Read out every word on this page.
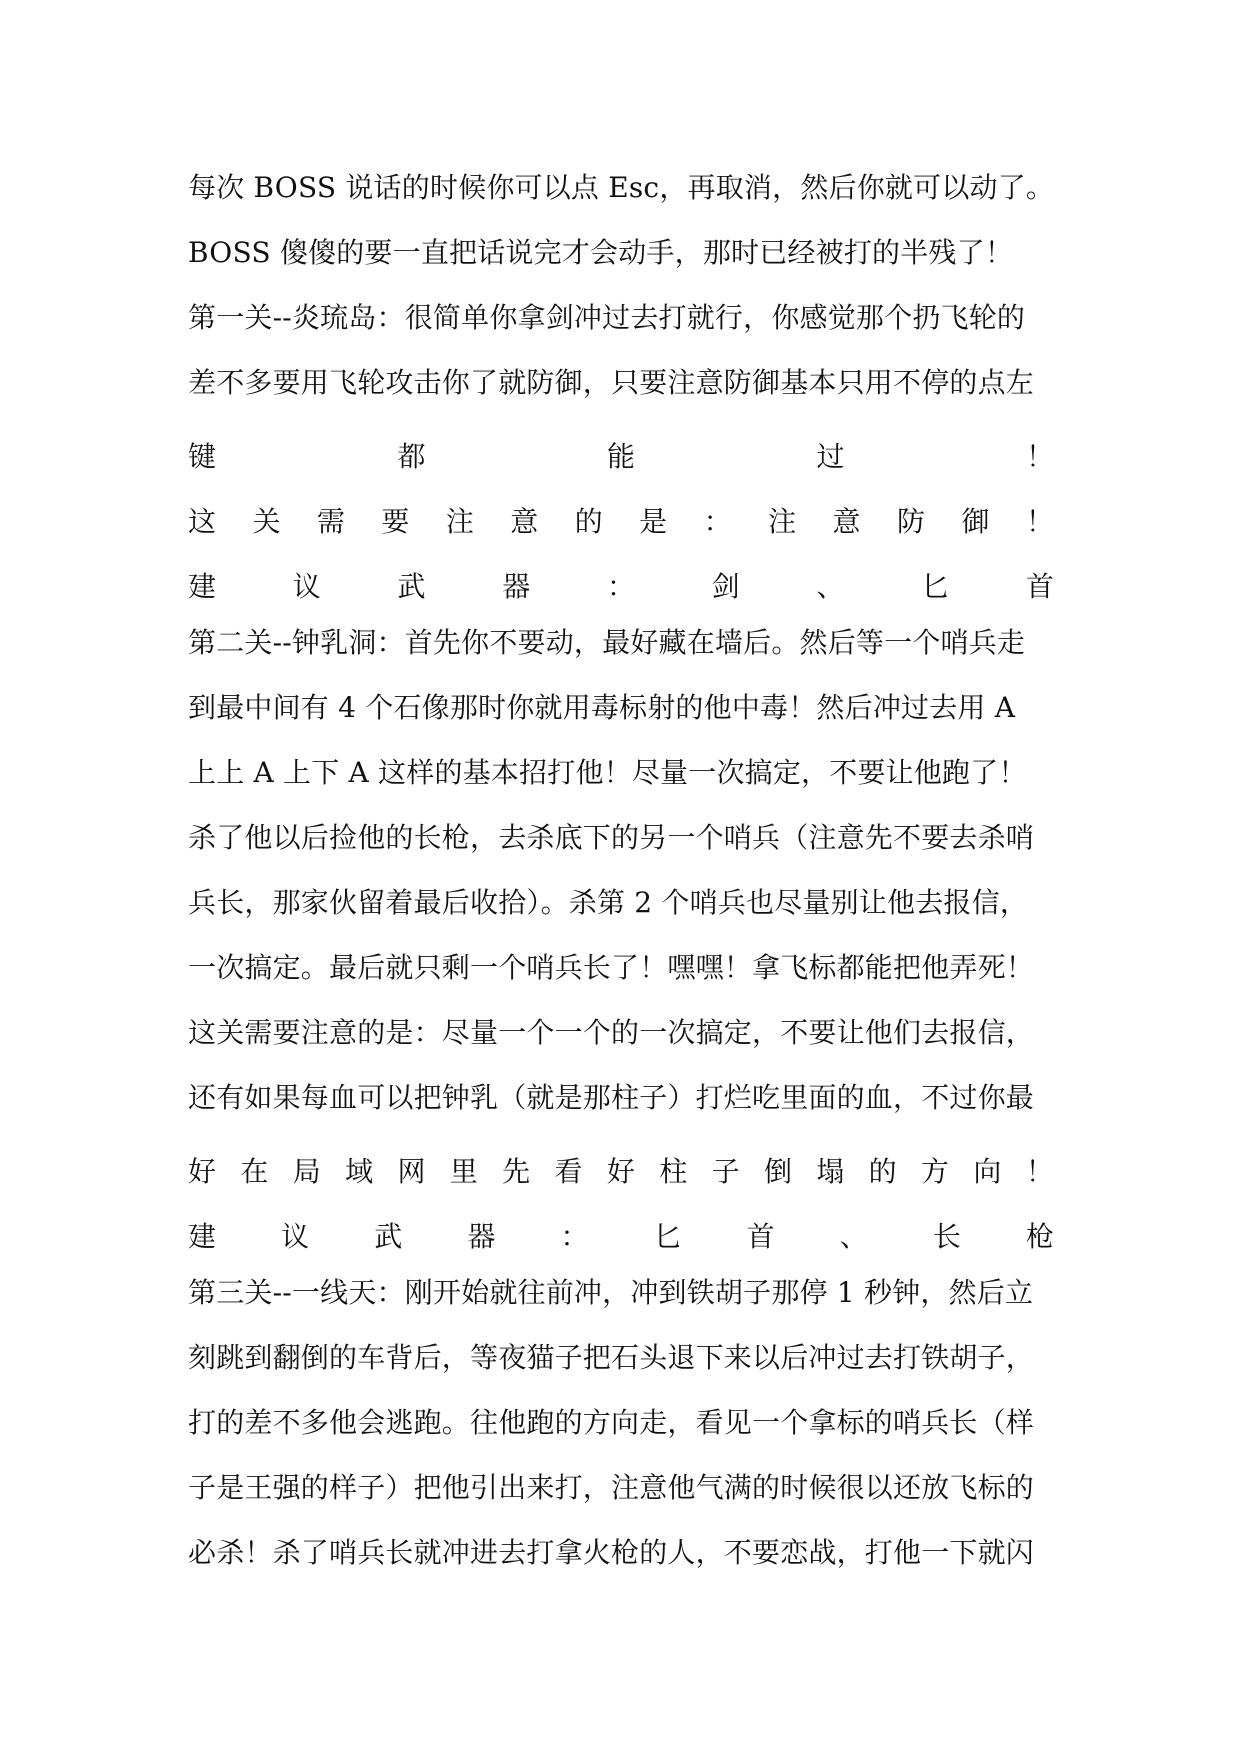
每次 BOSS 说话的时候你可以点 Esc，再取消，然后你就可以动了。
BOSS 傻傻的要一直把话说完才会动手，那时已经被打的半残了！
第一关--炎琉岛：很简单你拿剑冲过去打就行，你感觉那个扔飞轮的
差不多要用飞轮攻击你了就防御，只要注意防御基本只用不停的点左
键	都	能	过	！
这 关 需 要 注 意 的 是 ： 注 意 防 御 ！
建	议	武	器	：	剑	、	匕	首
第二关--钟乳洞：首先你不要动，最好藏在墙后。然后等一个哨兵走
到最中间有 4 个石像那时你就用毒标射的他中毒！然后冲过去用 A
上上 A 上下 A 这样的基本招打他！尽量一次搞定，不要让他跑了！
杀了他以后捡他的长枪，去杀底下的另一个哨兵（注意先不要去杀哨
兵长，那家伙留着最后收拾）。杀第 2 个哨兵也尽量别让他去报信，
一次搞定。最后就只剩一个哨兵长了！嘿嘿！拿飞标都能把他弄死！
这关需要注意的是：尽量一个一个的一次搞定，不要让他们去报信，
还有如果每血可以把钟乳（就是那柱子）打烂吃里面的血，不过你最
好 在 局 域 网 里 先 看 好 柱 子 倒 塌 的 方 向 ！
建 议 武 器 ： 匕 首 、 长 枪
第三关--一线天：刚开始就往前冲，冲到铁胡子那停 1 秒钟，然后立
刻跳到翻倒的车背后，等夜猫子把石头退下来以后冲过去打铁胡子，
打的差不多他会逃跑。往他跑的方向走，看见一个拿标的哨兵长（样
子是王强的样子）把他引出来打，注意他气满的时候很以还放飞标的
必杀！杀了哨兵长就冲进去打拿火枪的人，不要恋战，打他一下就闪
